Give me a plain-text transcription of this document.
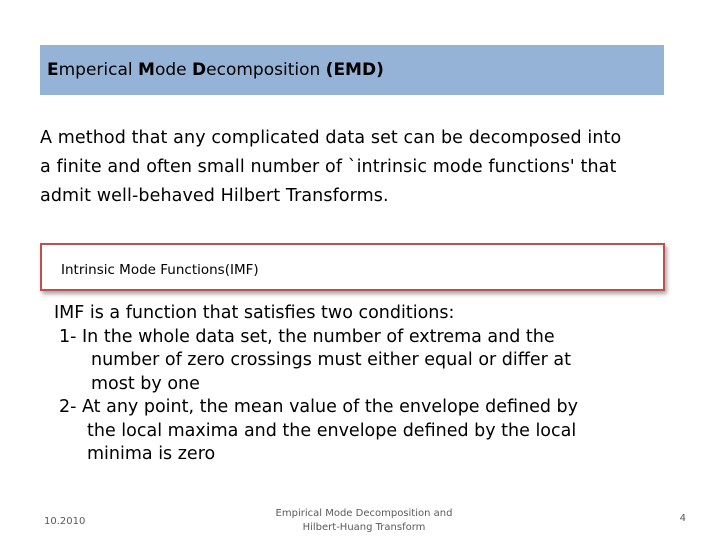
Emperical Mode Decomposition (EMD)
A method that any complicated data set can be decomposed into
a finite and often small number of `intrinsic mode functions' that
admit well-behaved Hilbert Transforms.
Intrinsic Mode Functions(IMF)
IMF is a function that satisfies two conditions:
1- In the whole data set, the number of extrema and the
number of zero crossings must either equal or differ at
most by one
2- At any point, the mean value of the envelope defined by
the local maxima and the envelope defined by the local
minima is zero
10.2010
Empirical Mode Decomposition and
Hilbert-Huang Transform
4
